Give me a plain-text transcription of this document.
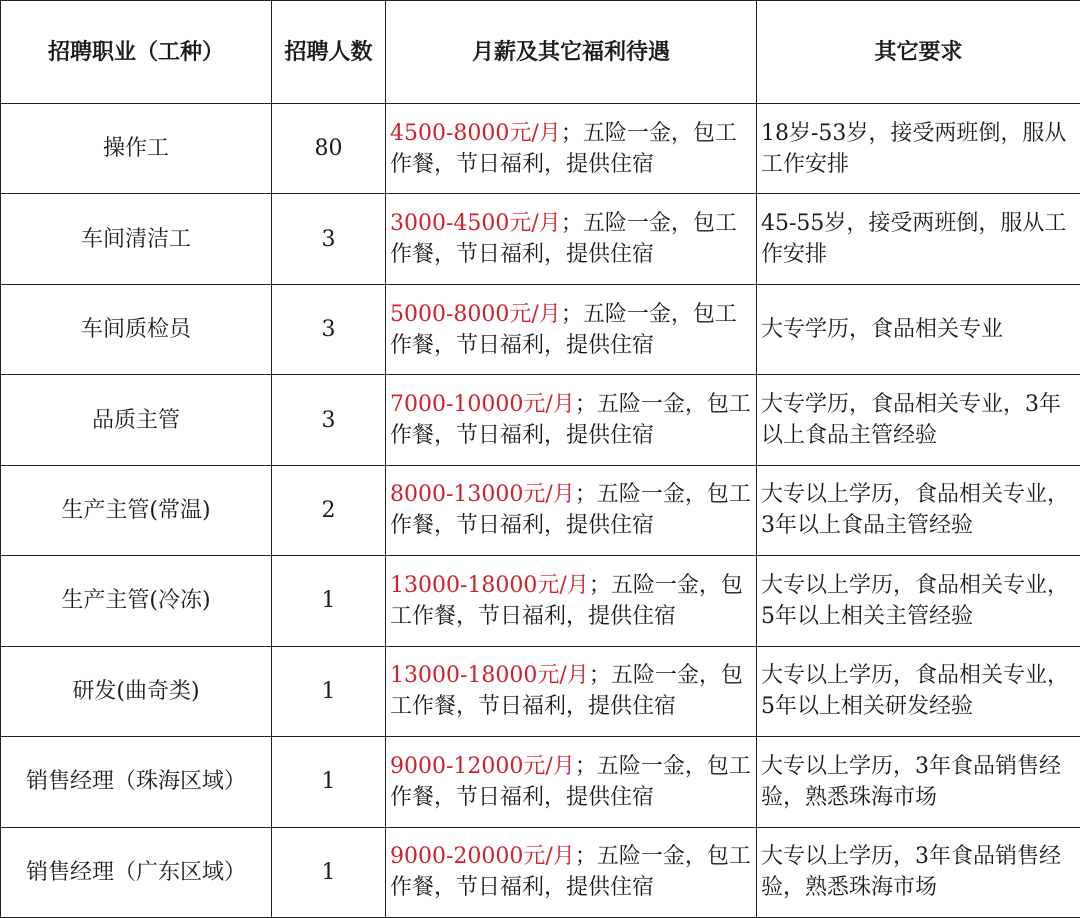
招聘职业（工种）	招聘人数	月薪及其它福利待遇	其它要求
操作工	80	4500-8000元/月；五险一金，包工作餐，节日福利，提供住宿	18岁-53岁，接受两班倒，服从工作安排
车间清洁工	3	3000-4500元/月；五险一金，包工作餐，节日福利，提供住宿	45-55岁，接受两班倒，服从工作安排
车间质检员	3	5000-8000元/月；五险一金，包工作餐，节日福利，提供住宿	大专学历，食品相关专业
品质主管	3	7000-10000元/月；五险一金，包工作餐，节日福利，提供住宿	大专学历，食品相关专业，3年以上食品主管经验
生产主管(常温)	2	8000-13000元/月；五险一金，包工作餐，节日福利，提供住宿	大专以上学历，食品相关专业，3年以上食品主管经验
生产主管(冷冻)	1	13000-18000元/月；五险一金，包工作餐，节日福利，提供住宿	大专以上学历，食品相关专业，5年以上相关主管经验
研发(曲奇类)	1	13000-18000元/月；五险一金，包工作餐，节日福利，提供住宿	大专以上学历，食品相关专业，5年以上相关研发经验
销售经理（珠海区域）	1	9000-12000元/月；五险一金，包工作餐，节日福利，提供住宿	大专以上学历，3年食品销售经验，熟悉珠海市场
销售经理（广东区域）	1	9000-20000元/月；五险一金，包工作餐，节日福利，提供住宿	大专以上学历，3年食品销售经验，熟悉珠海市场
